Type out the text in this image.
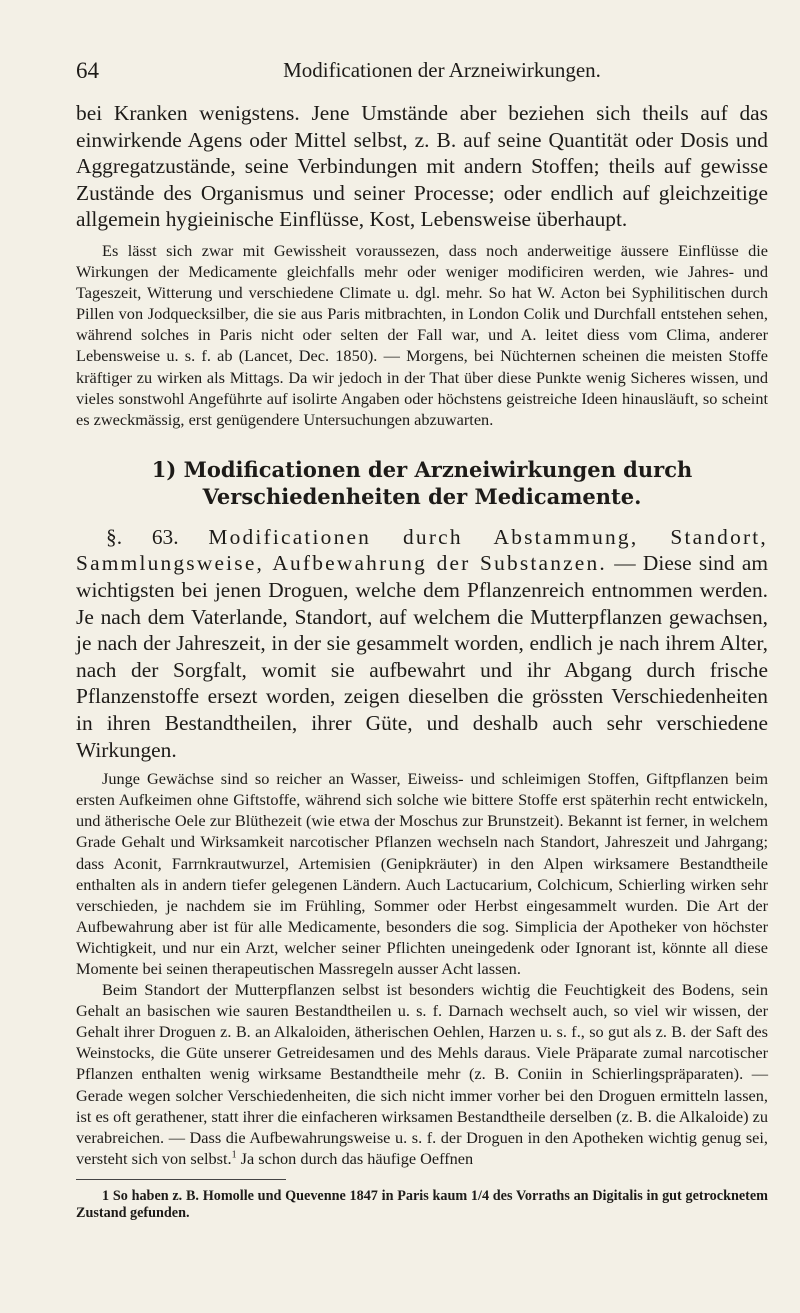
64	Modificationen der Arzneiwirkungen.

bei Kranken wenigstens. Jene Umstände aber beziehen sich theils auf das einwirkende Agens oder Mittel selbst, z. B. auf seine Quantität oder Dosis und Aggregatzustände, seine Verbindungen mit andern Stoffen; theils auf gewisse Zustände des Organismus und seiner Processe; oder endlich auf gleichzeitige allgemein hygieinische Einflüsse, Kost, Lebensweise überhaupt.

Es lässt sich zwar mit Gewissheit voraussezen, dass noch anderweitige äussere Einflüsse die Wirkungen der Medicamente gleichfalls mehr oder weniger modificiren werden, wie Jahres- und Tageszeit, Witterung und verschiedene Climate u. dgl. mehr. So hat W. Acton bei Syphilitischen durch Pillen von Jodquecksilber, die sie aus Paris mitbrachten, in London Colik und Durchfall entstehen sehen, während solches in Paris nicht oder selten der Fall war, und A. leitet diess vom Clima, anderer Lebensweise u. s. f. ab (Lancet, Dec. 1850). — Morgens, bei Nüchternen scheinen die meisten Stoffe kräftiger zu wirken als Mittags. Da wir jedoch in der That über diese Punkte wenig Sicheres wissen, und vieles sonstwohl Angeführte auf isolirte Angaben oder höchstens geistreiche Ideen hinausläuft, so scheint es zweckmässig, erst genügendere Untersuchungen abzuwarten.

1) Modificationen der Arzneiwirkungen durch Verschiedenheiten der Medicamente.

§. 63. Modificationen durch Abstammung, Standort, Sammlungsweise, Aufbewahrung der Substanzen. — Diese sind am wichtigsten bei jenen Droguen, welche dem Pflanzenreich entnommen werden. Je nach dem Vaterlande, Standort, auf welchem die Mutterpflanzen gewachsen, je nach der Jahreszeit, in der sie gesammelt worden, endlich je nach ihrem Alter, nach der Sorgfalt, womit sie aufbewahrt und ihr Abgang durch frische Pflanzenstoffe ersezt worden, zeigen dieselben die grössten Verschiedenheiten in ihren Bestandtheilen, ihrer Güte, und deshalb auch sehr verschiedene Wirkungen.

Junge Gewächse sind so reicher an Wasser, Eiweiss- und schleimigen Stoffen, Giftpflanzen beim ersten Aufkeimen ohne Giftstoffe, während sich solche wie bittere Stoffe erst späterhin recht entwickeln, und ätherische Oele zur Blüthezeit (wie etwa der Moschus zur Brunstzeit). Bekannt ist ferner, in welchem Grade Gehalt und Wirksamkeit narcotischer Pflanzen wechseln nach Standort, Jahreszeit und Jahrgang; dass Aconit, Farrnkrautwurzel, Artemisien (Genipkräuter) in den Alpen wirksamere Bestandtheile enthalten als in andern tiefer gelegenen Ländern. Auch Lactucarium, Colchicum, Schierling wirken sehr verschieden, je nachdem sie im Frühling, Sommer oder Herbst eingesammelt wurden. Die Art der Aufbewahrung aber ist für alle Medicamente, besonders die sog. Simplicia der Apotheker von höchster Wichtigkeit, und nur ein Arzt, welcher seiner Pflichten uneingedenk oder Ignorant ist, könnte all diese Momente bei seinen therapeutischen Massregeln ausser Acht lassen.

Beim Standort der Mutterpflanzen selbst ist besonders wichtig die Feuchtigkeit des Bodens, sein Gehalt an basischen wie sauren Bestandtheilen u. s. f. Darnach wechselt auch, so viel wir wissen, der Gehalt ihrer Droguen z. B. an Alkaloiden, ätherischen Oehlen, Harzen u. s. f., so gut als z. B. der Saft des Weinstocks, die Güte unserer Getreidesamen und des Mehls daraus. Viele Präparate zumal narcotischer Pflanzen enthalten wenig wirksame Bestandtheile mehr (z. B. Coniin in Schierlingspräparaten). — Gerade wegen solcher Verschiedenheiten, die sich nicht immer vorher bei den Droguen ermitteln lassen, ist es oft gerathener, statt ihrer die einfacheren wirksamen Bestandtheile derselben (z. B. die Alkaloide) zu verabreichen. — Dass die Aufbewahrungsweise u. s. f. der Droguen in den Apotheken wichtig genug sei, versteht sich von selbst.$^1$ Ja schon durch das häufige Oeffnen

1 So haben z. B. Homolle und Quevenne 1847 in Paris kaum 1/4 des Vorraths an Digitalis in gut getrocknetem Zustand gefunden.
